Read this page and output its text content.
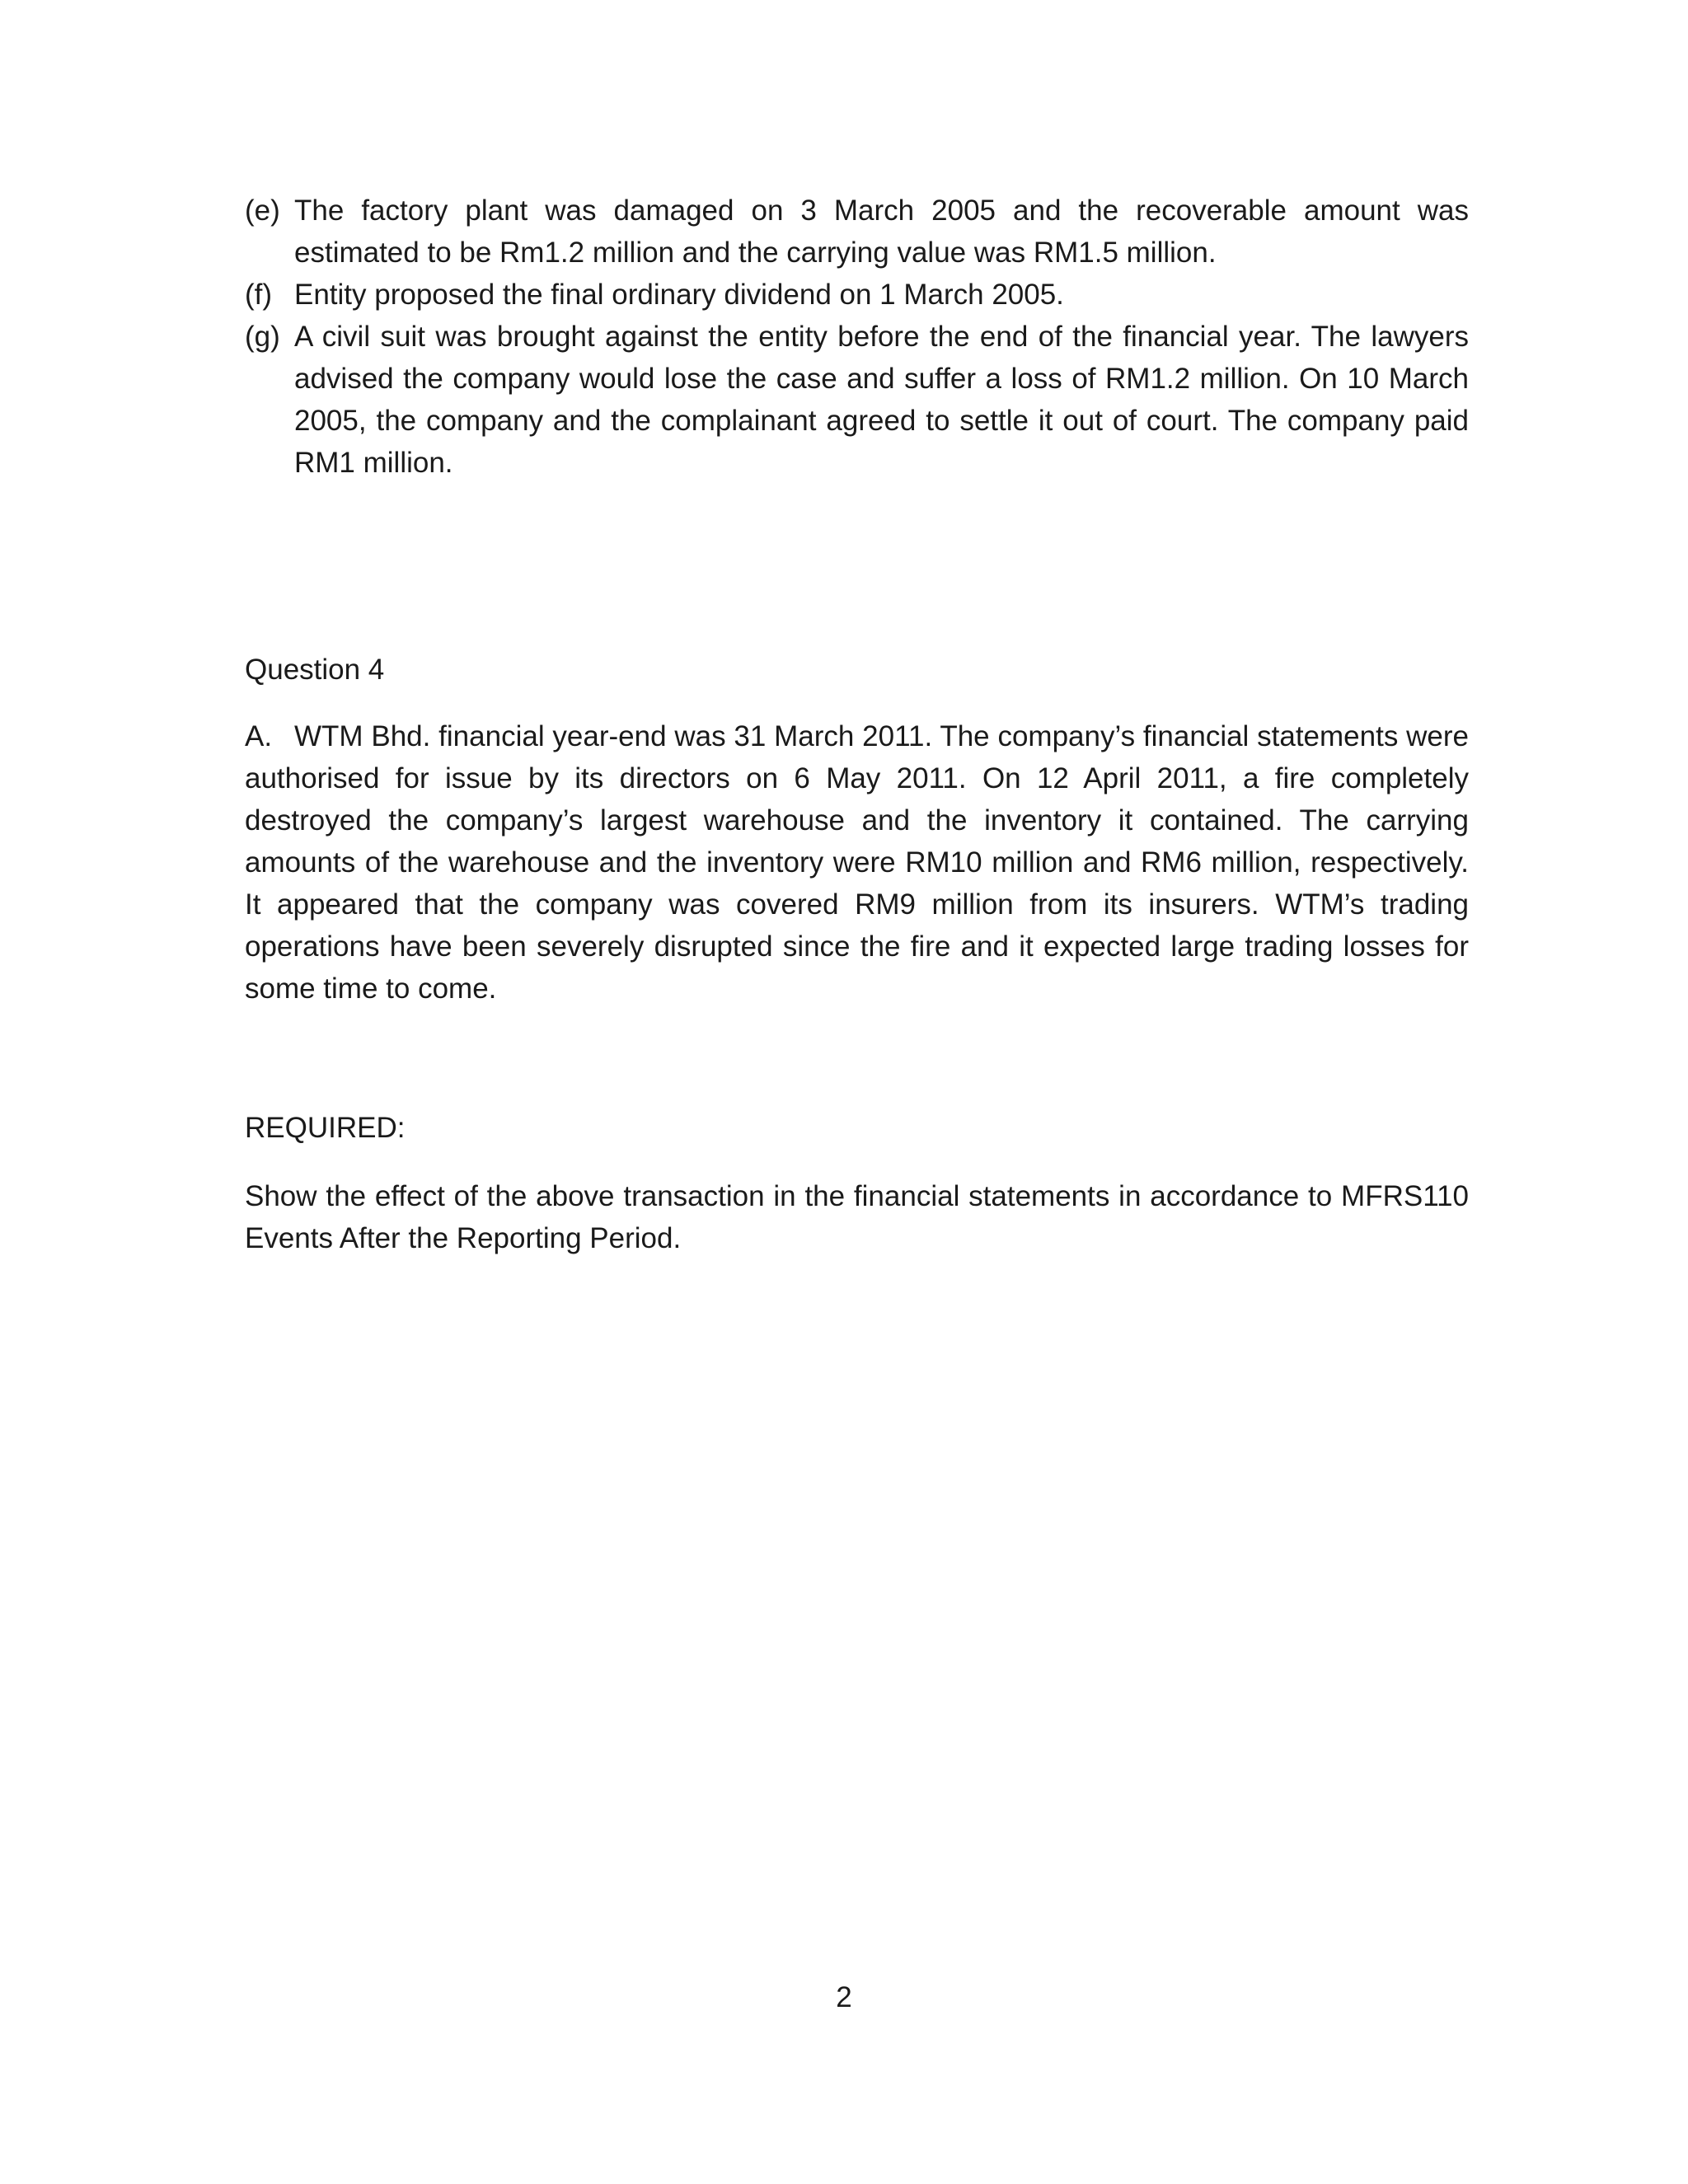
(e) The factory plant was damaged on 3 March 2005 and the recoverable amount was estimated to be Rm1.2 million and the carrying value was RM1.5 million.
(f) Entity proposed the final ordinary dividend on 1 March 2005.
(g) A civil suit was brought against the entity before the end of the financial year. The lawyers advised the company would lose the case and suffer a loss of RM1.2 million. On 10 March 2005, the company and the complainant agreed to settle it out of court. The company paid RM1 million.
Question 4
A. WTM Bhd. financial year-end was 31 March 2011. The company’s financial statements were authorised for issue by its directors on 6 May 2011. On 12 April 2011, a fire completely destroyed the company’s largest warehouse and the inventory it contained. The carrying amounts of the warehouse and the inventory were RM10 million and RM6 million, respectively. It appeared that the company was covered RM9 million from its insurers. WTM’s trading operations have been severely disrupted since the fire and it expected large trading losses for some time to come.
REQUIRED:
Show the effect of the above transaction in the financial statements in accordance to MFRS110 Events After the Reporting Period.
2
